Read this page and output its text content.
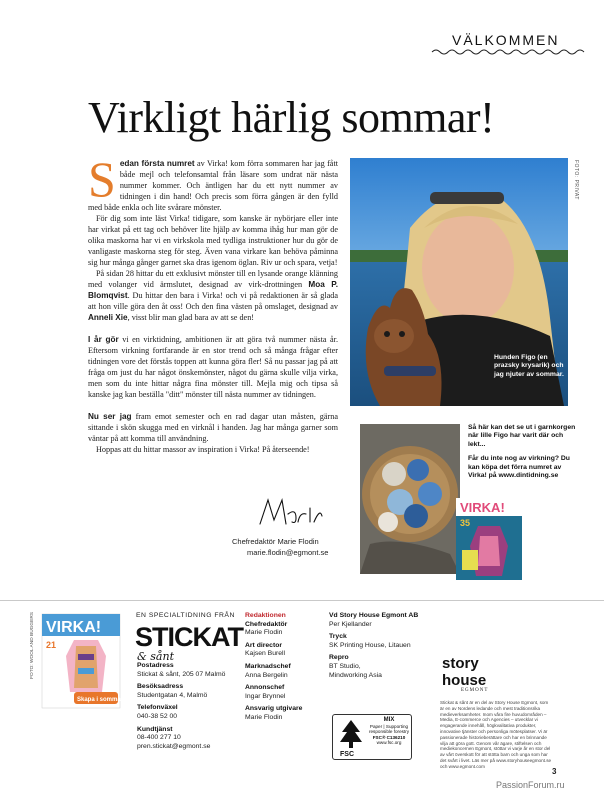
VÄLKOMMEN
Virkligt härlig sommar!
S edan första numret av Virka! kom förra sommaren har jag fått både mejl och telefonsamtal från läsare som undrat när nästa nummer kommer. Och äntligen har du ett nytt nummer av tidningen i din hand! Och precis som förra gången är den fylld med både enkla och lite svårare mönster.

För dig som inte läst Virka! tidigare, som kanske är nybörjare eller inte har virkat på ett tag och behöver lite hjälp av komma ihåg hur man gör de olika maskorna har vi en virkskola med tydliga instruktioner hur du gör de vanligaste maskorna steg för steg. Även vana virkare kan behöva påminna sig hur många gånger garnet ska dras igenom öglan. Riv ur och spara, vetja!

På sidan 28 hittar du ett exklusivt mönster till en lysande orange klänning med volanger vid ärmslutet, designad av virk-drottningen Moa P. Blomqvist. Du hittar den bara i Virka! och vi på redaktionen är så glada att hon ville göra den åt oss! Och den fina västen på omslaget, designad av Anneli Xie, visst blir man glad bara av att se den!

I år gör vi en virktidning, ambitionen är att göra två nummer nästa år. Eftersom virkning fortfarande är en stor trend och så många frågar efter tidningen vore det förstås toppen att kunna göra fler! Så nu passar jag på att fråga om just du har något önskemönster, något du gärna skulle vilja virka, men som du inte hittar några fina mönster till. Mejla mig och tipsa så kanske jag kan beställa "ditt" mönster till nästa nummer av tidningen.

Nu ser jag fram emot semester och en rad dagar utan måsten, gärna sittande i skön skugga med en virknål i handen. Jag har många garner som väntar på att komma till användning.

Hoppas att du hittar massor av inspiration i Virka! På återseende!

Chefredaktör Marie Flodin
marie.flodin@egmont.se
FOTO: PRIVAT
Hunden Figo (en prazsky krysarik) och jag njuter av sommar.

Så här kan det se ut i garnkorgen när lille Figo har varit där och lekt...

Får du inte nog av virkning? Du kan köpa det förra numret av Virka! på www.dintidning.se

VIRKA!
35
FOTO: WOOL AND BUGGERS VIRKA!
21
Skapa i sommar!
EN SPECIALTIDNING FRÅN
STICKAT
& sånt
Postadress
Stickat & sånt, 205 07 Malmö
Besöksadress
Studentgatan 4, Malmö
Telefonväxel
040-38 52 00
Kundtjänst
08-400 277 10
pren.stickat@egmont.se
Redaktionen
Chefredaktör
Marie Flodin
Art director
Kajsen Burell
Marknadschef
Anna Bergelin
Annonschef
Ingar Brynnel
Ansvarig utgivare
Marie Flodin
Vd Story House Egmont AB
Per Kjellander
Tryck
SK Printing House, Litauen
Repro
BT Studio,
Mindworking Asia
FSC
MIX
Paper | Supporting responsible forestry
FSC® C136210
www.fsc.org
story
house
EGMONT
Stickat & sånt är en del av Story House Egmont, som är en av Nordens ledande och mest traditionsrika medieverksamheter. Inom våra fire huvudområden – Media, E-commerce och Agencies – utvecklar vi engagerande innehåll, högkvalitativa produkter, innovative tjänster och personliga mötesplatser. Vi är passionerade historieberättare och har en brinnande vilja att göra gott. Genom vår ägare, stiftelsen och mediekoncernen Egmont, stöttar vi varje år en stor del av vårt överskott för att stötta barn och unga som har det svårt i livet. Läs mer på www.storyhouseegmont.se och www.egmont.com
3
PassionForum.ru
